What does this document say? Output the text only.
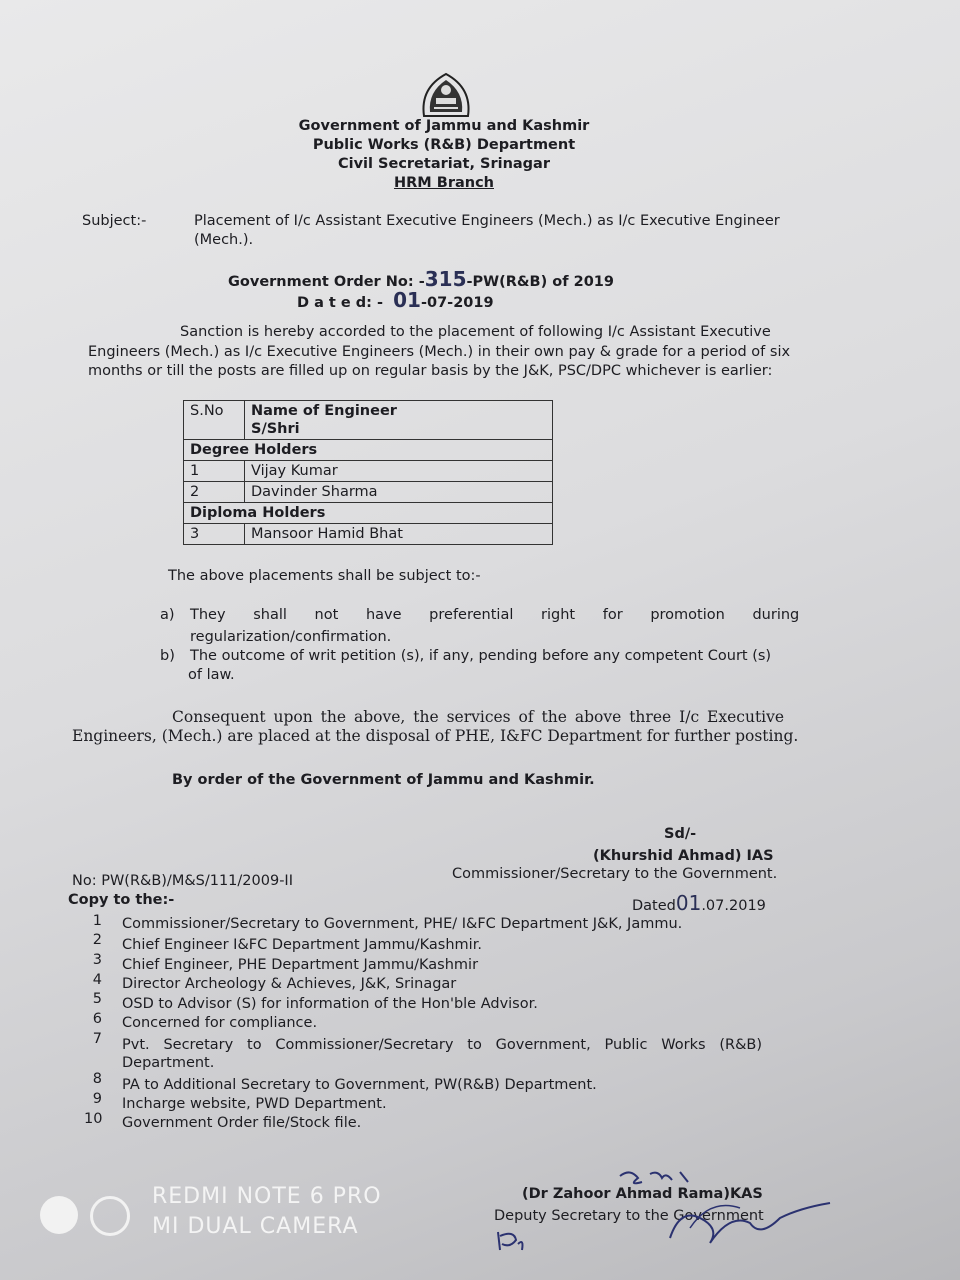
Government of Jammu and Kashmir
Public Works (R&B) Department
Civil Secretariat, Srinagar
HRM Branch
Subject:-	Placement of I/c Assistant Executive Engineers (Mech.) as I/c Executive Engineer
(Mech.).
Government Order No: -315-PW(R&B) of 2019
D a t e d: - 01-07-2019
Sanction is hereby accorded to the placement of following I/c Assistant Executive
Engineers (Mech.) as I/c Executive Engineers (Mech.) in their own pay & grade for a period of six
months or till the posts are filled up on regular basis by the J&K, PSC/DPC whichever is earlier:
S.No	Name of Engineer
S/Shri
Degree Holders	
1	Vijay Kumar
2	Davinder Sharma
Diploma Holders	
3	Mansoor Hamid Bhat
The above placements shall be subject to:-
a) They      shall      not      have      preferential      right      for      promotion      during
regularization/confirmation.
b) The outcome of writ petition (s), if any, pending before any competent Court (s)
of law.
Consequent upon the above, the services of the above three I/c Executive
Engineers, (Mech.) are placed at the disposal of PHE, I&FC Department for further posting.
By order of the Government of Jammu and Kashmir.
Sd/-
(Khurshid Ahmad) IAS
Commissioner/Secretary to the Government.
No: PW(R&B)/M&S/111/2009-II
Dated01.07.2019
Copy to the:-
1 Commissioner/Secretary to Government, PHE/ I&FC Department J&K, Jammu.
2 Chief Engineer I&FC Department Jammu/Kashmir.
3 Chief Engineer, PHE Department Jammu/Kashmir
4 Director Archeology & Achieves, J&K, Srinagar
5 OSD to Advisor (S) for information of the Hon'ble Advisor.
6 Concerned for compliance.
7 Pvt.   Secretary   to   Commissioner/Secretary   to   Government,   Public   Works   (R&B)
Department.
8 PA to Additional Secretary to Government, PW(R&B) Department.
9 Incharge website, PWD Department.
10 Government Order file/Stock file.
(Dr Zahoor Ahmad Rama)KAS
Deputy Secretary to the Government
REDMI NOTE 6 PRO
MI DUAL CAMERA
